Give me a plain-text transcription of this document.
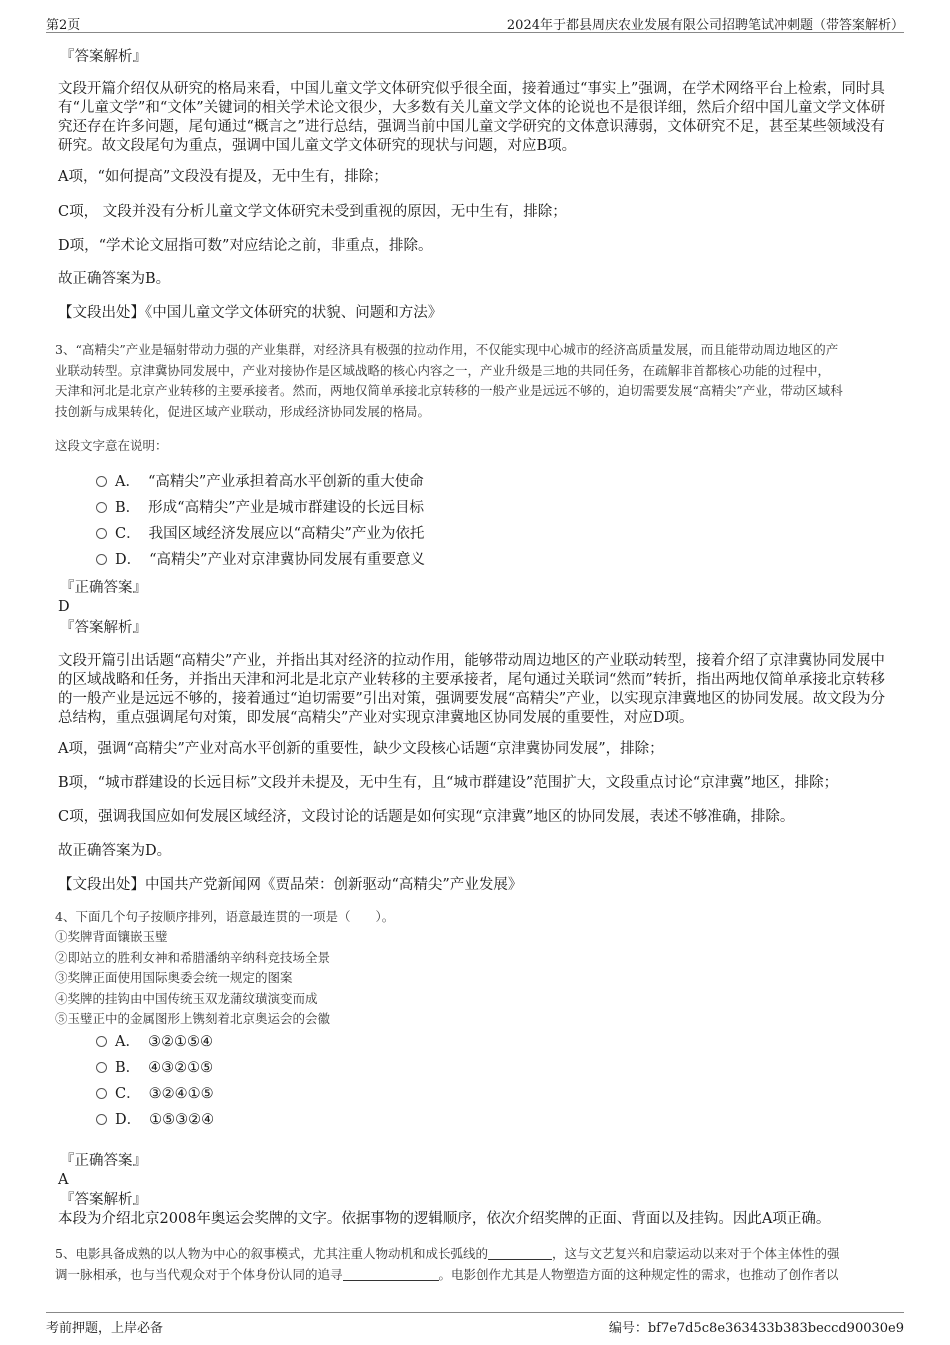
第2页	2024年于都县周庆农业发展有限公司招聘笔试冲刺题（带答案解析）
『答案解析』
文段开篇介绍仅从研究的格局来看，中国儿童文学文体研究似乎很全面，接着通过“事实上”强调，在学术网络平台上检索，同时具有“儿童文学”和“文体”关键词的相关学术论文很少，大多数有关儿童文学文体的论说也不是很详细，然后介绍中国儿童文学文体研究还存在许多问题，尾句通过“概言之”进行总结，强调当前中国儿童文学研究的文体意识薄弱，文体研究不足，甚至某些领域没有研究。故文段尾句为重点，强调中国儿童文学文体研究的现状与问题，对应B项。
A项，“如何提高”文段没有提及，无中生有，排除；
C项， 文段并没有分析儿童文学文体研究未受到重视的原因，无中生有，排除；
D项，“学术论文屈指可数”对应结论之前，非重点，排除。
故正确答案为B。
【文段出处】《中国儿童文学文体研究的状貌、问题和方法》
3、“高精尖”产业是辐射带动力强的产业集群，对经济具有极强的拉动作用，不仅能实现中心城市的经济高质量发展，而且能带动周边地区的产
业联动转型。京津冀协同发展中，产业对接协作是区域战略的核心内容之一，产业升级是三地的共同任务，在疏解非首都核心功能的过程中，
天津和河北是北京产业转移的主要承接者。然而，两地仅简单承接北京转移的一般产业是远远不够的，迫切需要发展“高精尖”产业，带动区域科
技创新与成果转化，促进区域产业联动，形成经济协同发展的格局。
这段文字意在说明：
A． “高精尖”产业承担着高水平创新的重大使命
B． 形成“高精尖”产业是城市群建设的长远目标
C． 我国区域经济发展应以“高精尖”产业为依托
D． “高精尖”产业对京津冀协同发展有重要意义
『正确答案』
D
『答案解析』
文段开篇引出话题“高精尖”产业，并指出其对经济的拉动作用，能够带动周边地区的产业联动转型，接着介绍了京津冀协同发展中的区域战略和任务，并指出天津和河北是北京产业转移的主要承接者，尾句通过关联词“然而”转折，指出两地仅简单承接北京转移的一般产业是远远不够的，接着通过“迫切需要”引出对策，强调要发展“高精尖”产业，以实现京津冀地区的协同发展。故文段为分总结构，重点强调尾句对策，即发展“高精尖”产业对实现京津冀地区协同发展的重要性，对应D项。
A项，强调“高精尖”产业对高水平创新的重要性，缺少文段核心话题“京津冀协同发展”，排除；
B项，“城市群建设的长远目标”文段并未提及，无中生有，且“城市群建设”范围扩大，文段重点讨论“京津冀”地区，排除；
C项，强调我国应如何发展区域经济，文段讨论的话题是如何实现“京津冀”地区的协同发展，表述不够准确，排除。
故正确答案为D。
【文段出处】中国共产党新闻网《贾品荣：创新驱动“高精尖”产业发展》
4、下面几个句子按顺序排列，语意最连贯的一项是（　　）。
①奖牌背面镶嵌玉璧
②即站立的胜利女神和希腊潘纳辛纳科竞技场全景
③奖牌正面使用国际奥委会统一规定的图案
④奖牌的挂钩由中国传统玉双龙蒲纹璜演变而成
⑤玉璧正中的金属图形上镌刻着北京奥运会的会徽
A． ③②①⑤④
B． ④③②①⑤
C． ③②④①⑤
D． ①⑤③②④
『正确答案』
A
『答案解析』
本段为介绍北京2008年奥运会奖牌的文字。依据事物的逻辑顺序，依次介绍奖牌的正面、背面以及挂钩。因此A项正确。
5、电影具备成熟的以人物为中心的叙事模式，尤其注重人物动机和成长弧线的	，这与文艺复兴和启蒙运动以来对于个体主体性的强
调一脉相承，也与当代观众对于个体身份认同的追寻	。电影创作尤其是人物塑造方面的这种规定性的需求，也推动了创作者以
考前押题，上岸必备	编号：bf7e7d5c8e363433b383beccd90030e9
